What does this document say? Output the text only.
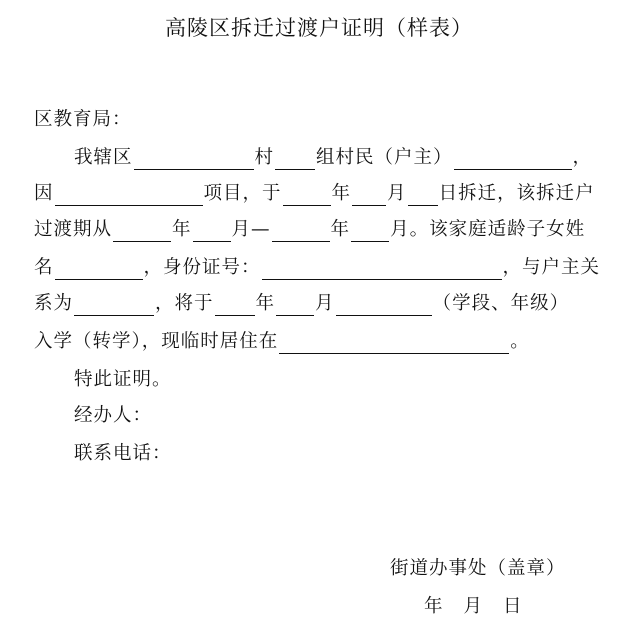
高陵区拆迁过渡户证明（样表）
区教育局：
我辖区	村 组村民（户主）	，
因	项目，于	年 月 日拆迁，该拆迁户
过渡期从	年 月—	年 月。该家庭适龄子女姓
名	，身份证号：	，与户主关
系为	，将于 年 月	（学段、年级）
入学（转学），现临时居住在	。
特此证明。
经办人：
联系电话：
街道办事处（盖章）
年 月 日
